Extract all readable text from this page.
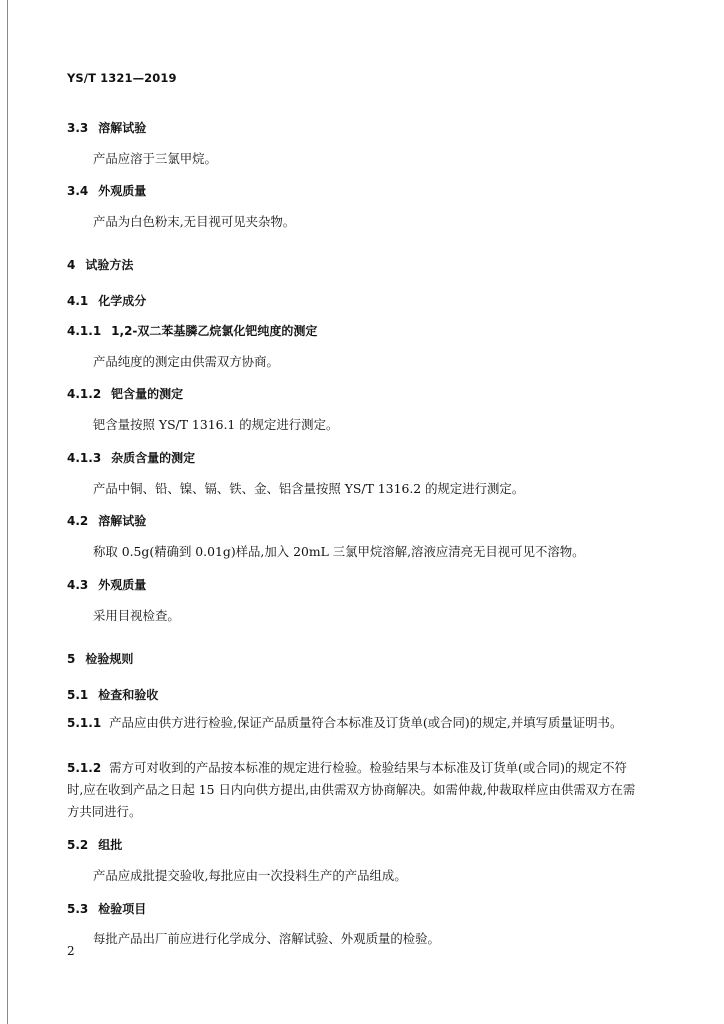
YS/T 1321—2019
3.3 溶解试验
产品应溶于三氯甲烷。
3.4 外观质量
产品为白色粉末,无目视可见夹杂物。
4 试验方法
4.1 化学成分
4.1.1 1,2-双二苯基膦乙烷氯化钯纯度的测定
产品纯度的测定由供需双方协商。
4.1.2 钯含量的测定
钯含量按照 YS/T 1316.1 的规定进行测定。
4.1.3 杂质含量的测定
产品中铜、铅、镍、镉、铁、金、铝含量按照 YS/T 1316.2 的规定进行测定。
4.2 溶解试验
称取 0.5g(精确到 0.01g)样品,加入 20mL 三氯甲烷溶解,溶液应清亮无目视可见不溶物。
4.3 外观质量
采用目视检查。
5 检验规则
5.1 检查和验收
5.1.1 产品应由供方进行检验,保证产品质量符合本标准及订货单(或合同)的规定,并填写质量证明书。
5.1.2 需方可对收到的产品按本标准的规定进行检验。检验结果与本标准及订货单(或合同)的规定不符时,应在收到产品之日起 15 日内向供方提出,由供需双方协商解决。如需仲裁,仲裁取样应由供需双方在需方共同进行。
5.2 组批
产品应成批提交验收,每批应由一次投料生产的产品组成。
5.3 检验项目
每批产品出厂前应进行化学成分、溶解试验、外观质量的检验。
2
